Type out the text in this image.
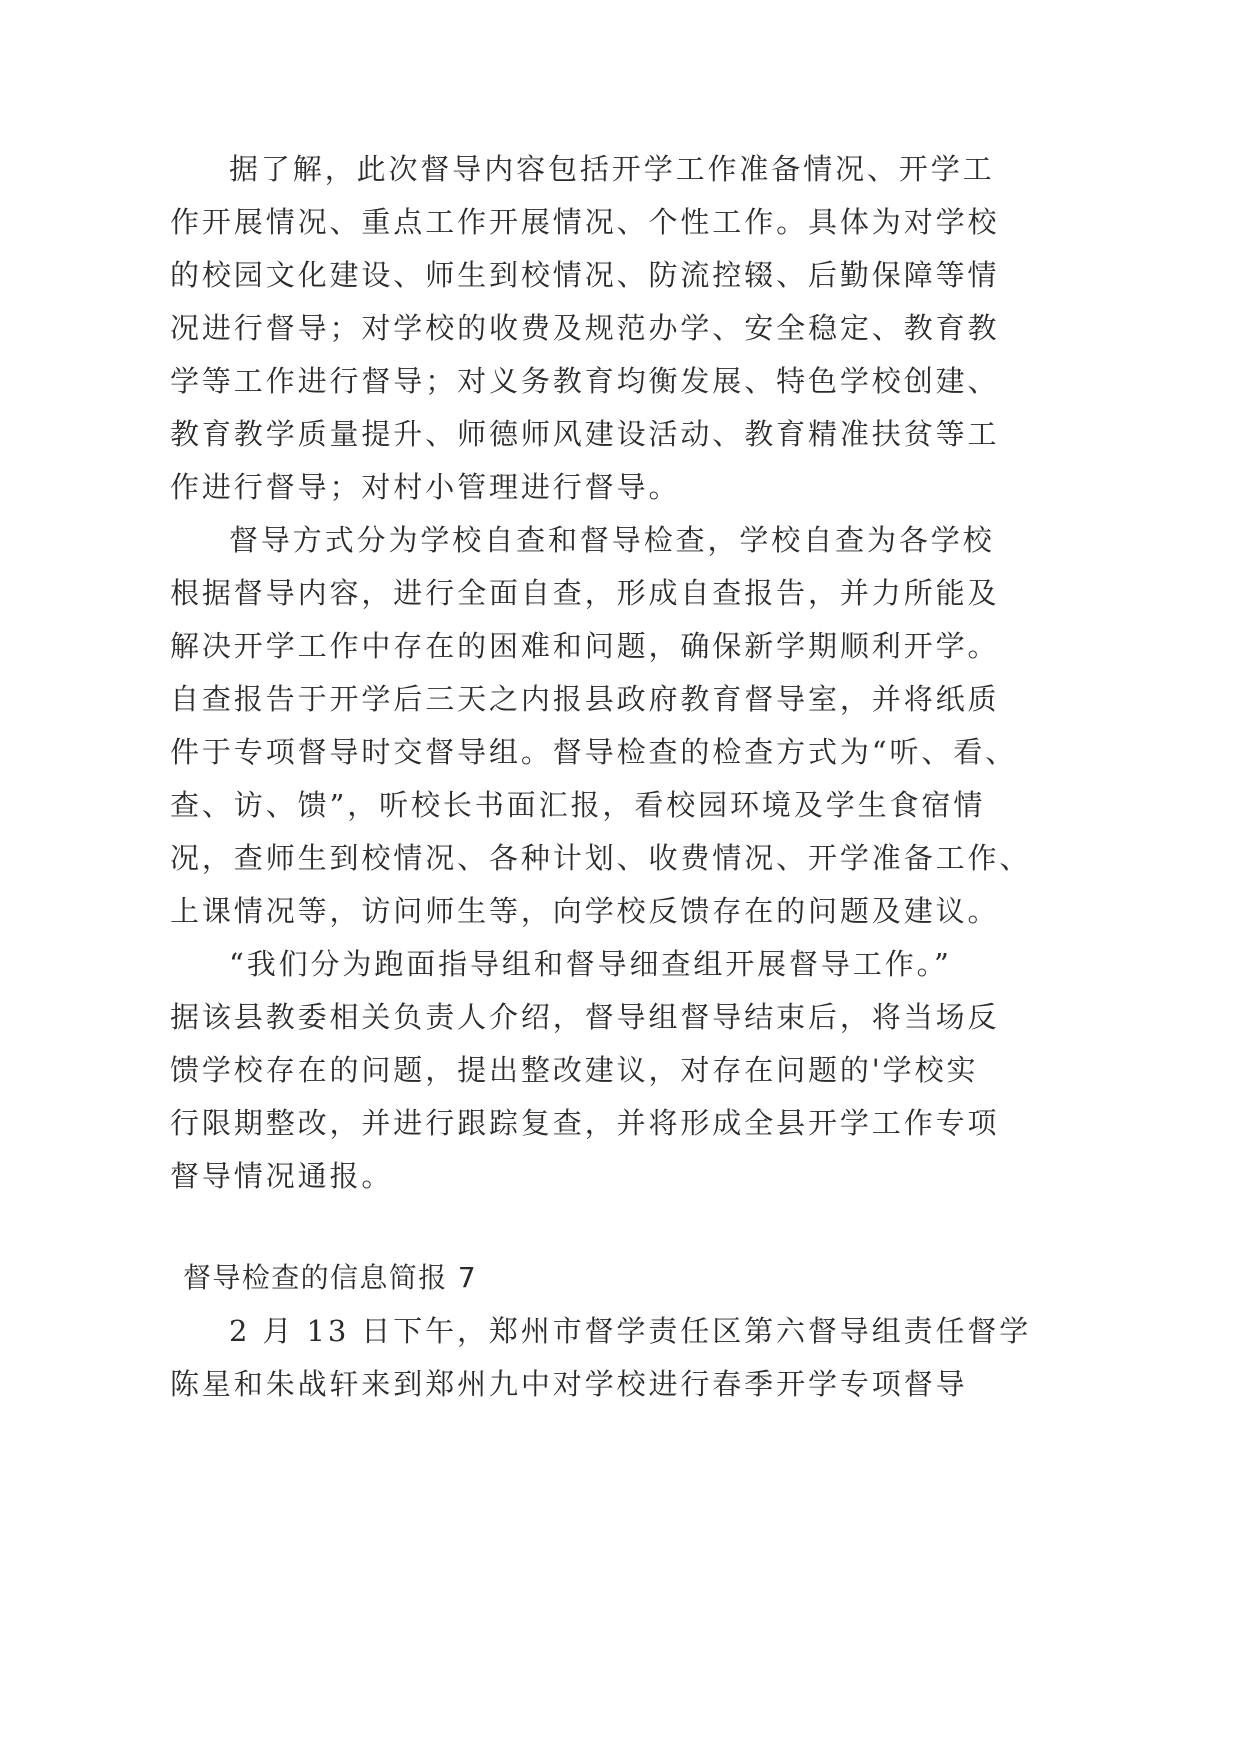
据了解，此次督导内容包括开学工作准备情况、开学工

作开展情况、重点工作开展情况、个性工作。具体为对学校

的校园文化建设、师生到校情况、防流控辍、后勤保障等情

况进行督导；对学校的收费及规范办学、安全稳定、教育教

学等工作进行督导；对义务教育均衡发展、特色学校创建、

教育教学质量提升、师德师风建设活动、教育精准扶贫等工

作进行督导；对村小管理进行督导。

督导方式分为学校自查和督导检查，学校自查为各学校

根据督导内容，进行全面自查，形成自查报告，并力所能及

解决开学工作中存在的困难和问题，确保新学期顺利开学。

自查报告于开学后三天之内报县政府教育督导室，并将纸质

件于专项督导时交督导组。督导检查的检查方式为“听、看、

查、访、馈”，听校长书面汇报，看校园环境及学生食宿情

况，查师生到校情况、各种计划、收费情况、开学准备工作、

上课情况等，访问师生等，向学校反馈存在的问题及建议。

“我们分为跑面指导组和督导细查组开展督导工作。”

据该县教委相关负责人介绍，督导组督导结束后，将当场反

馈学校存在的问题，提出整改建议，对存在问题的'学校实

行限期整改，并进行跟踪复查，并将形成全县开学工作专项

督导情况通报。

督导检查的信息简报 7

2 月 13 日下午，郑州市督学责任区第六督导组责任督学

陈星和朱战轩来到郑州九中对学校进行春季开学专项督导
